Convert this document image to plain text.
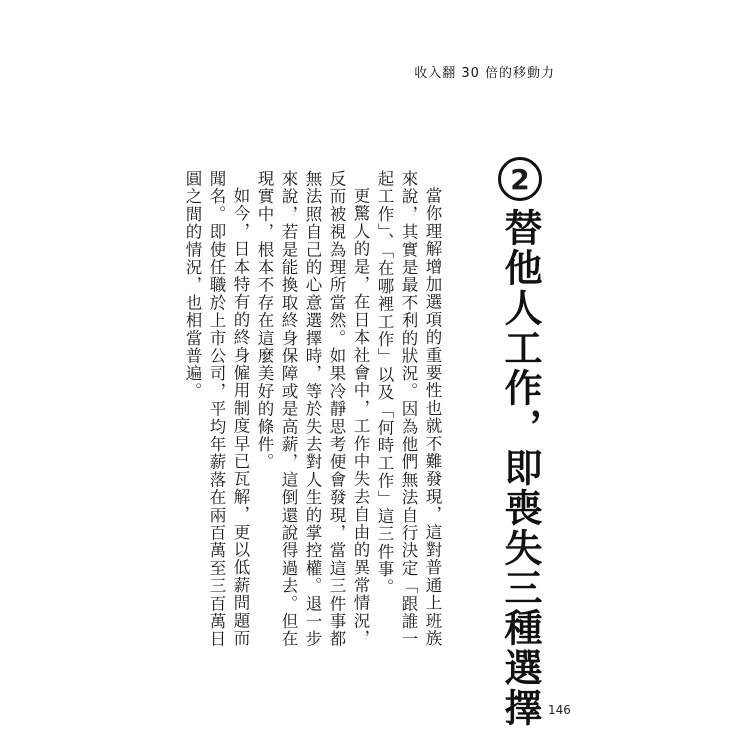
收入翻 30 倍的移動力
2
替他人工作，即喪失三種選擇

當你理解增加選項的重要性也就不難發現，這對普通上班族來說，其實是最不利的狀況。因為他們無法自行決定「跟誰一起工作」、「在哪裡工作」以及「何時工作」這三件事。

更驚人的是，在日本社會中，工作中失去自由的異常情況，反而被視為理所當然。如果冷靜思考便會發現，當這三件事都無法照自己的心意選擇時，等於失去對人生的掌控權。退一步來說，若是能換取終身保障或是高薪，這倒還說得過去。但在現實中，根本不存在這麼美好的條件。

如今，日本特有的終身僱用制度早已瓦解，更以低薪問題而聞名。即使任職於上市公司，平均年薪落在兩百萬至三百萬日圓之間的情況，也相當普遍。

146
